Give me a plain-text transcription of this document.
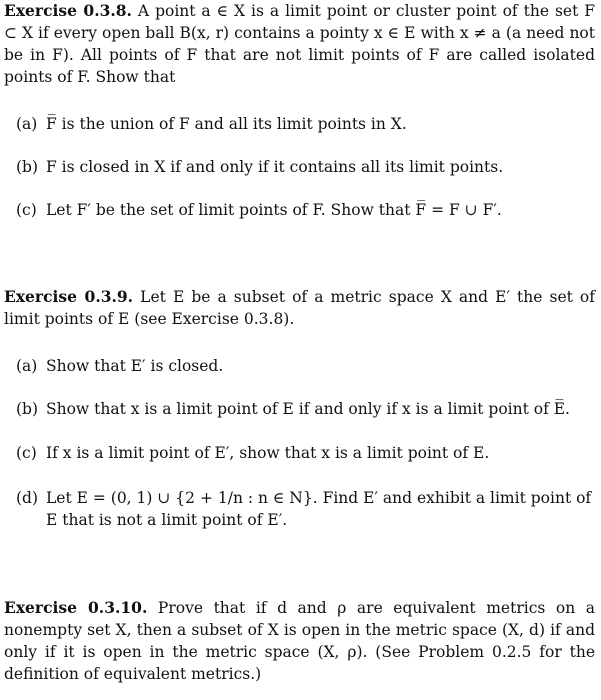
Exercise 0.3.8. A point a ∈ X is a limit point or cluster point of the set F ⊂ X if every open ball B(x, r) contains a pointy x ∈ E with x ≠ a (a need not be in F). All points of F that are not limit points of F are called isolated points of F. Show that
(a) F̅ is the union of F and all its limit points in X.
(b) F is closed in X if and only if it contains all its limit points.
(c) Let F′ be the set of limit points of F. Show that F̅ = F ∪ F′.
Exercise 0.3.9. Let E be a subset of a metric space X and E′ the set of limit points of E (see Exercise 0.3.8).
(a) Show that E′ is closed.
(b) Show that x is a limit point of E if and only if x is a limit point of E̅.
(c) If x is a limit point of E′, show that x is a limit point of E.
(d) Let E = (0, 1) ∪ {2 + 1/n : n ∈ N}. Find E′ and exhibit a limit point of
E that is not a limit point of E′.
Exercise 0.3.10. Prove that if d and ρ are equivalent metrics on a nonempty set X, then a subset of X is open in the metric space (X, d) if and only if it is open in the metric space (X, ρ). (See Problem 0.2.5 for the definition of equivalent metrics.)
